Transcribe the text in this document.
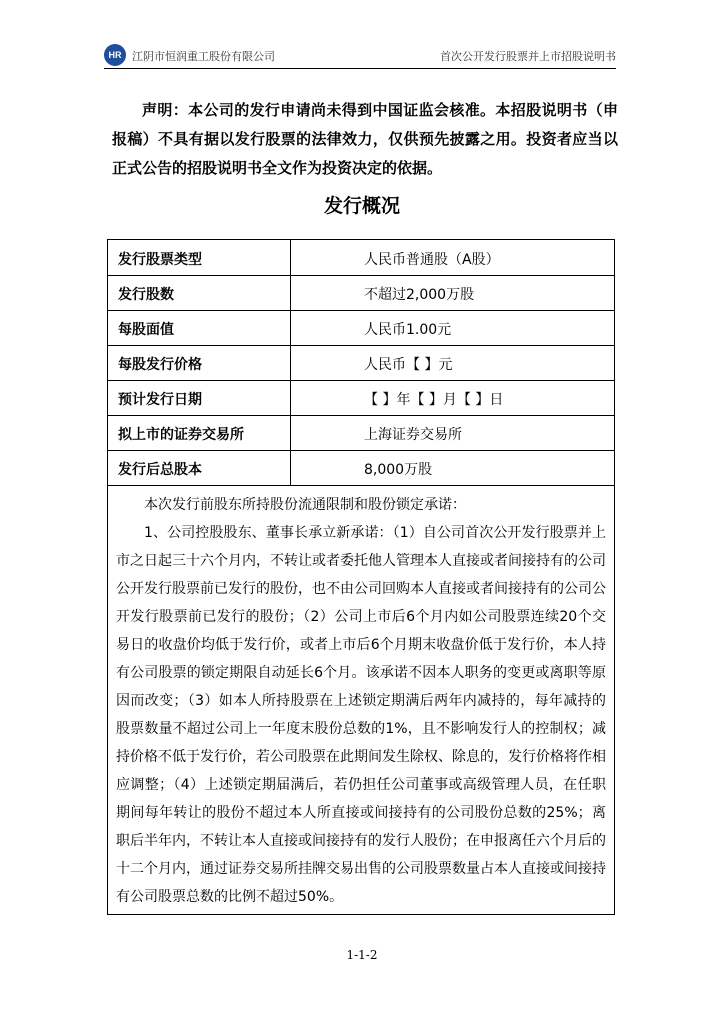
HR 江阴市恒润重工股份有限公司	首次公开发行股票并上市招股说明书

声明：本公司的发行申请尚未得到中国证监会核准。本招股说明书（申报稿）不具有据以发行股票的法律效力，仅供预先披露之用。投资者应当以正式公告的招股说明书全文作为投资决定的依据。

发行概况
发行股票类型	人民币普通股（A股）
发行股数	不超过2,000万股
每股面值	人民币1.00元
每股发行价格	人民币【 】元
预计发行日期	【 】年【 】月【 】日
拟上市的证券交易所	上海证券交易所
发行后总股本	8,000万股

本次发行前股东所持股份流通限制和股份锁定承诺：

1、公司控股股东、董事长承立新承诺：（1）自公司首次公开发行股票并上市之日起三十六个月内，不转让或者委托他人管理本人直接或者间接持有的公司公开发行股票前已发行的股份，也不由公司回购本人直接或者间接持有的公司公开发行股票前已发行的股份；（2）公司上市后6个月内如公司股票连续20个交易日的收盘价均低于发行价，或者上市后6个月期末收盘价低于发行价，本人持有公司股票的锁定期限自动延长6个月。该承诺不因本人职务的变更或离职等原因而改变；（3）如本人所持股票在上述锁定期满后两年内减持的，每年减持的股票数量不超过公司上一年度末股份总数的1%，且不影响发行人的控制权；减持价格不低于发行价，若公司股票在此期间发生除权、除息的，发行价格将作相应调整；（4）上述锁定期届满后，若仍担任公司董事或高级管理人员，在任职期间每年转让的股份不超过本人所直接或间接持有的公司股份总数的25%；离职后半年内，不转让本人直接或间接持有的发行人股份；在申报离任六个月后的十二个月内，通过证券交易所挂牌交易出售的公司股票数量占本人直接或间接持有公司股票总数的比例不超过50%。

1-1-2
